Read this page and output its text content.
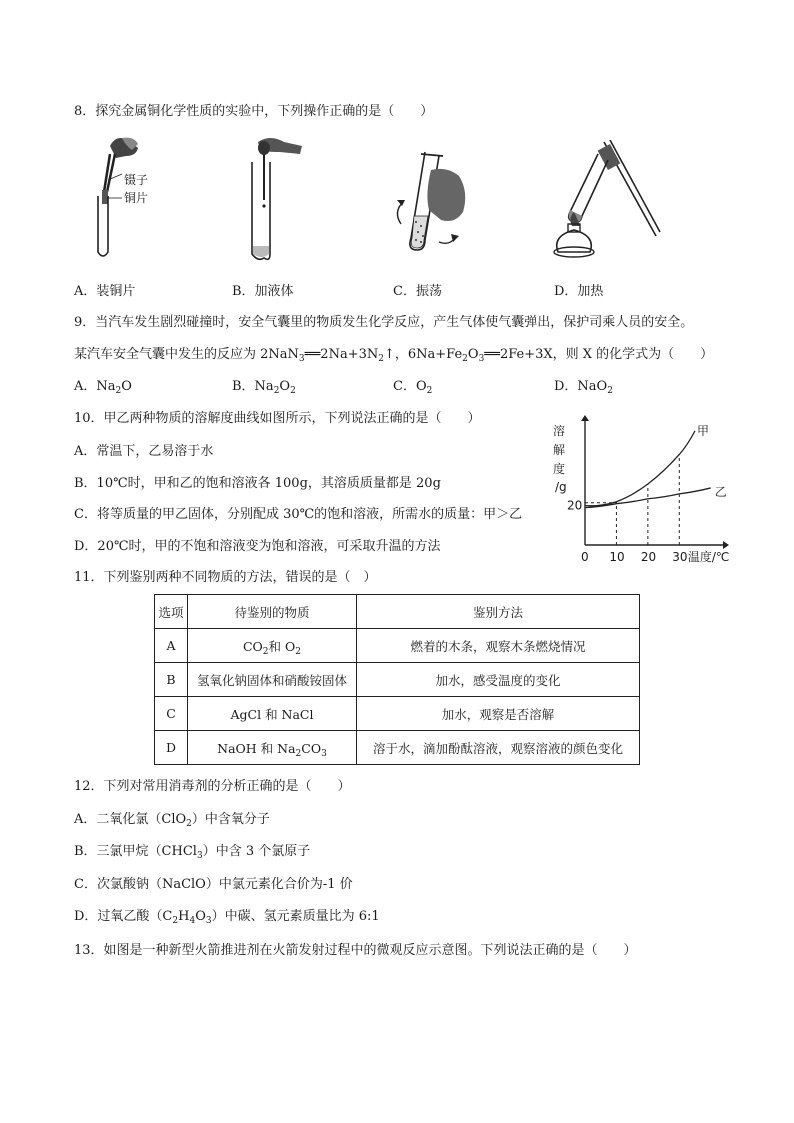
8．探究金属铜化学性质的实验中，下列操作正确的是（　　）
镊子
铜片
A．装铜片	B．加液体	C．振荡	D．加热
9．当汽车发生剧烈碰撞时，安全气囊里的物质发生化学反应，产生气体使气囊弹出，保护司乘人员的安全。
某汽车安全气囊中发生的反应为 $2NaN_3══2Na+3N_2↑$，$6Na+Fe_2O_3══2Fe+3X$，则 X 的化学式为（　　）
A．$Na_2O$	B．$Na_2O_2$	C．$O_2$	D．NaO$_2$
10．甲乙两种物质的溶解度曲线如图所示，下列说法正确的是（　　）
A．常温下，乙易溶于水
B．10℃时，甲和乙的饱和溶液各 100g，其溶质质量都是 20g
C．将等质量的甲乙固体，分别配成 30℃的饱和溶液，所需水的质量：甲＞乙
D．20℃时，甲的不饱和溶液变为饱和溶液，可采取升温的方法
溶
解
度
/g
0 10 20 30 温度/℃
20
甲
乙
11．下列鉴别两种不同物质的方法，错误的是（　）
选项	待鉴别的物质	鉴别方法
A	$CO_2$和 $O_2$	燃着的木条，观察木条燃烧情况
B	氢氧化钠固体和硝酸铵固体	加水，感受温度的变化
C	AgCl 和 NaCl	加水，观察是否溶解
D	NaOH 和 $Na_2CO_3$	溶于水，滴加酚酞溶液，观察溶液的颜色变化
12．下列对常用消毒剂的分析正确的是（　　）
A．二氧化氯（ClO$_2$）中含氧分子
B．三氯甲烷（CHCl$_3$）中含 3 个氯原子
C．次氯酸钠（NaClO）中氯元素化合价为-1 价
D．过氧乙酸$(C_2H_4O_3)$中碳、氢元素质量比为 6:1
13．如图是一种新型火箭推进剂在火箭发射过程中的微观反应示意图。下列说法正确的是（　　）
